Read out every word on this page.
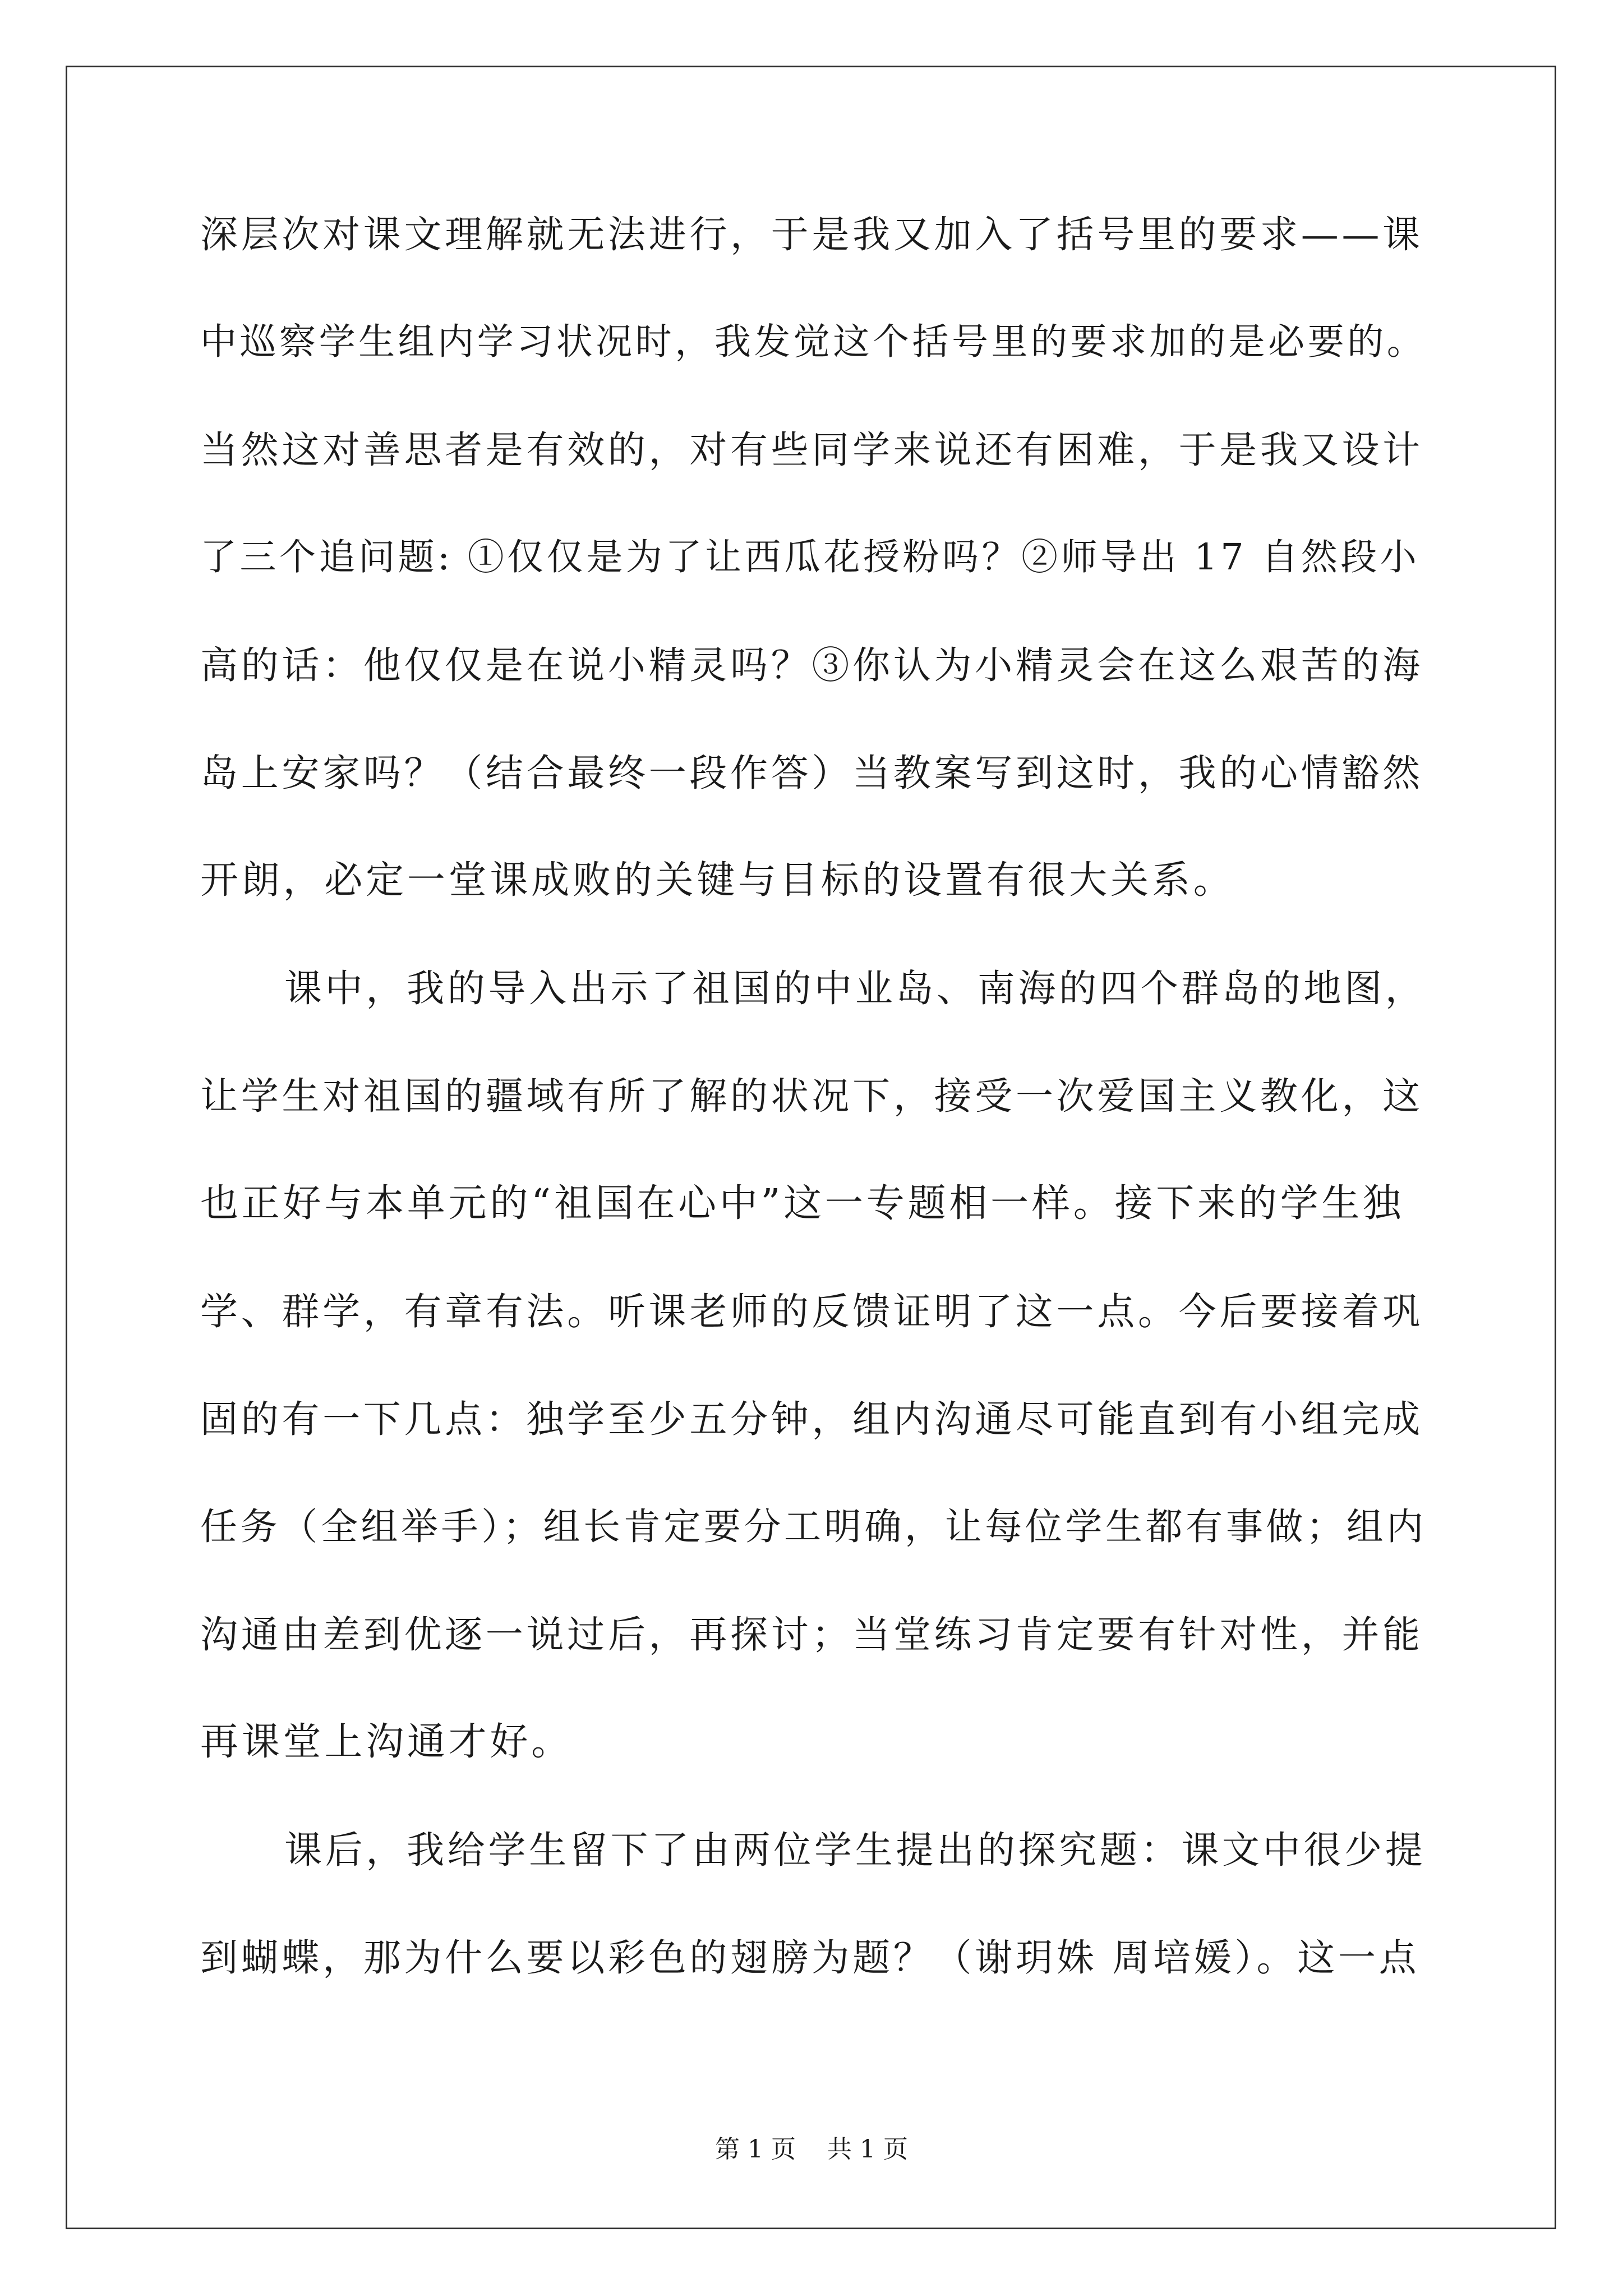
深层次对课文理解就无法进行，于是我又加入了括号里的要求——课
中巡察学生组内学习状况时，我发觉这个括号里的要求加的是必要的。
当然这对善思者是有效的，对有些同学来说还有困难，于是我又设计
了三个追问题: ①仅仅是为了让西瓜花授粉吗？②师导出 17 自然段小
高的话：他仅仅是在说小精灵吗？③你认为小精灵会在这么艰苦的海
岛上安家吗？（结合最终一段作答）当教案写到这时，我的心情豁然
开朗，必定一堂课成败的关键与目标的设置有很大关系。
课中，我的导入出示了祖国的中业岛、南海的四个群岛的地图，
让学生对祖国的疆域有所了解的状况下，接受一次爱国主义教化，这
也正好与本单元的“祖国在心中”这一专题相一样。接下来的学生独
学、群学，有章有法。听课老师的反馈证明了这一点。今后要接着巩
固的有一下几点：独学至少五分钟，组内沟通尽可能直到有小组完成
任务（全组举手）；组长肯定要分工明确，让每位学生都有事做；组内
沟通由差到优逐一说过后，再探讨；当堂练习肯定要有针对性，并能
再课堂上沟通才好。
课后，我给学生留下了由两位学生提出的探究题：课文中很少提
到蝴蝶，那为什么要以彩色的翅膀为题？（谢玥姝 周培媛）。这一点
第 1 页 共 1 页
